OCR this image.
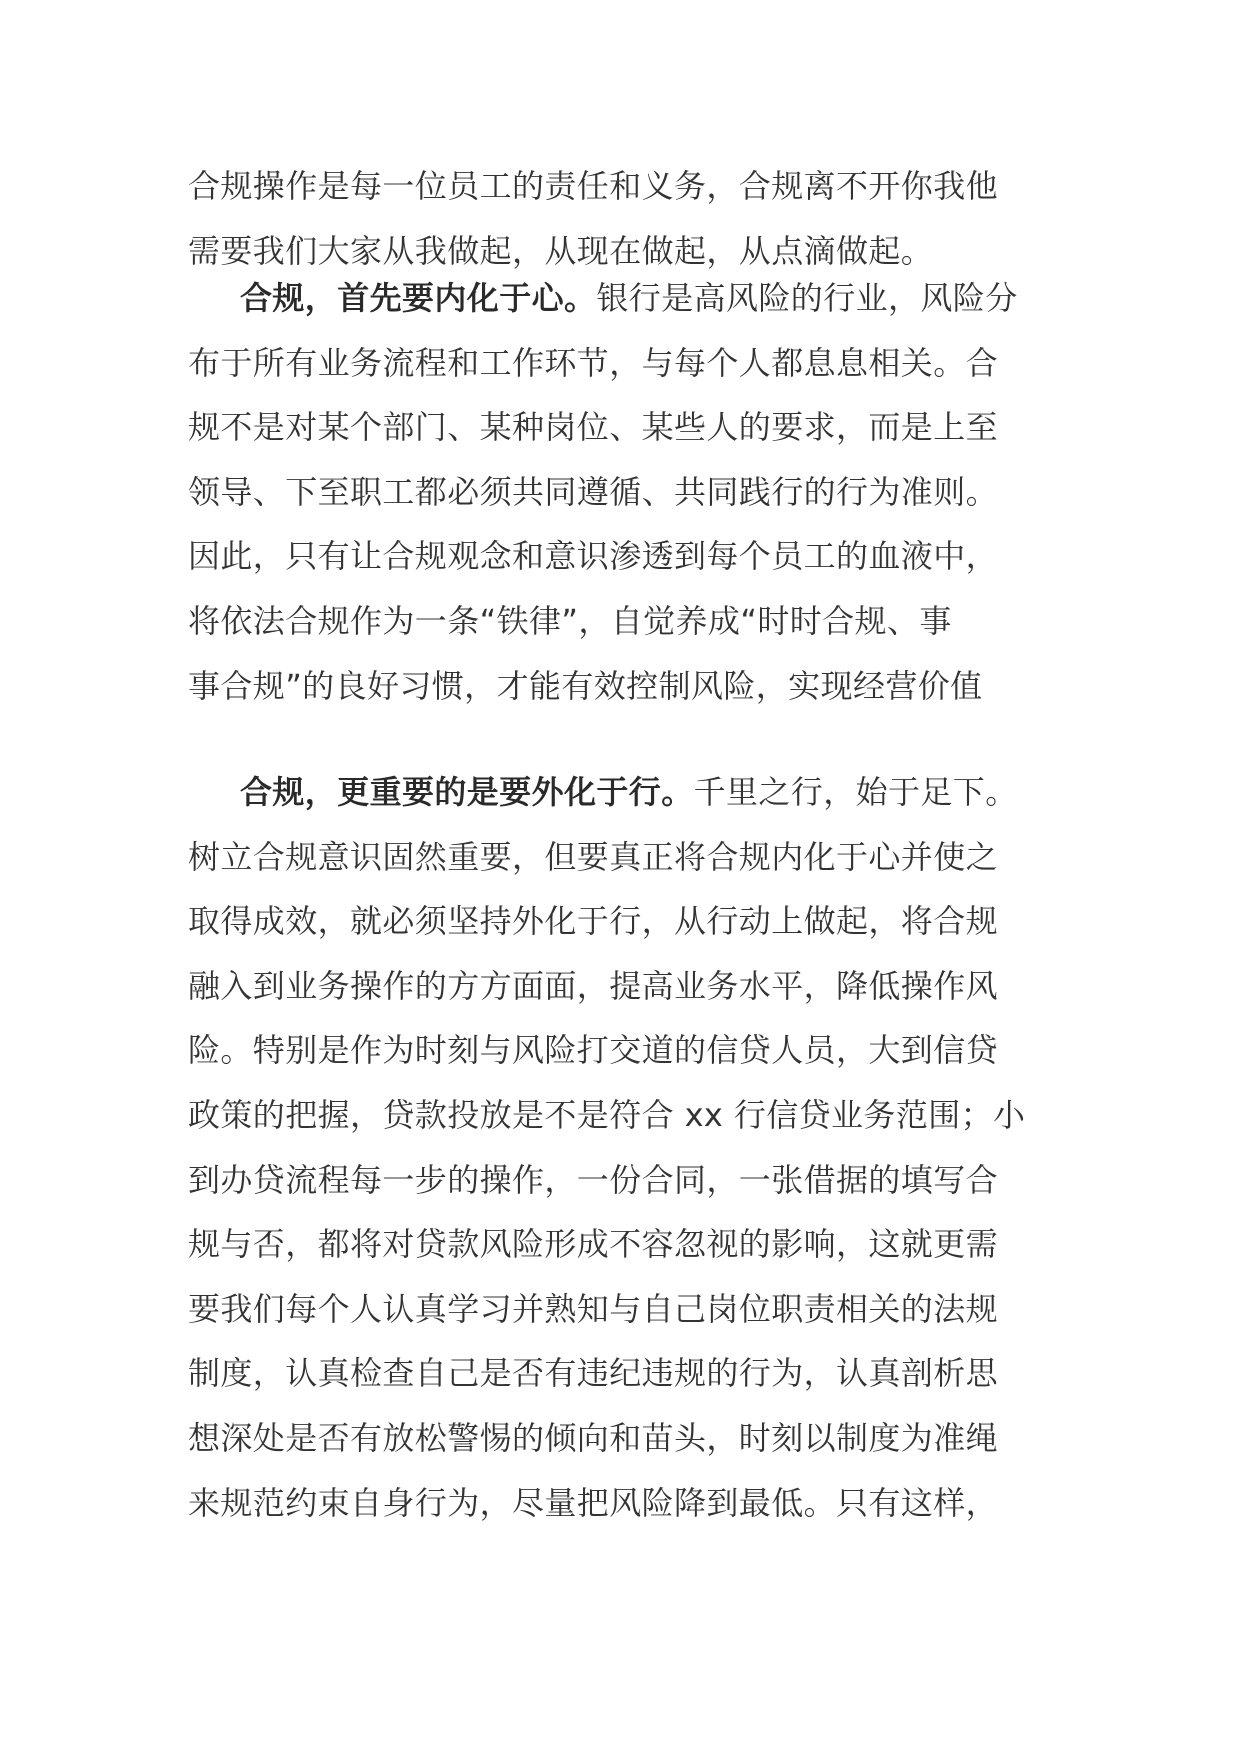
合规操作是每一位员工的责任和义务，合规离不开你我他
需要我们大家从我做起，从现在做起，从点滴做起。
合规，首先要内化于心。银行是高风险的行业，风险分
布于所有业务流程和工作环节，与每个人都息息相关。合
规不是对某个部门、某种岗位、某些人的要求，而是上至
领导、下至职工都必须共同遵循、共同践行的行为准则。
因此，只有让合规观念和意识渗透到每个员工的血液中，
将依法合规作为一条“铁律”，自觉养成“时时合规、事
事合规”的良好习惯，才能有效控制风险，实现经营价值
合规，更重要的是要外化于行。千里之行，始于足下。
树立合规意识固然重要，但要真正将合规内化于心并使之
取得成效，就必须坚持外化于行，从行动上做起，将合规
融入到业务操作的方方面面，提高业务水平，降低操作风
险。特别是作为时刻与风险打交道的信贷人员，大到信贷
政策的把握，贷款投放是不是符合 xx 行信贷业务范围；小
到办贷流程每一步的操作，一份合同，一张借据的填写合
规与否，都将对贷款风险形成不容忽视的影响，这就更需
要我们每个人认真学习并熟知与自己岗位职责相关的法规
制度，认真检查自己是否有违纪违规的行为，认真剖析思
想深处是否有放松警惕的倾向和苗头，时刻以制度为准绳
来规范约束自身行为，尽量把风险降到最低。只有这样，
